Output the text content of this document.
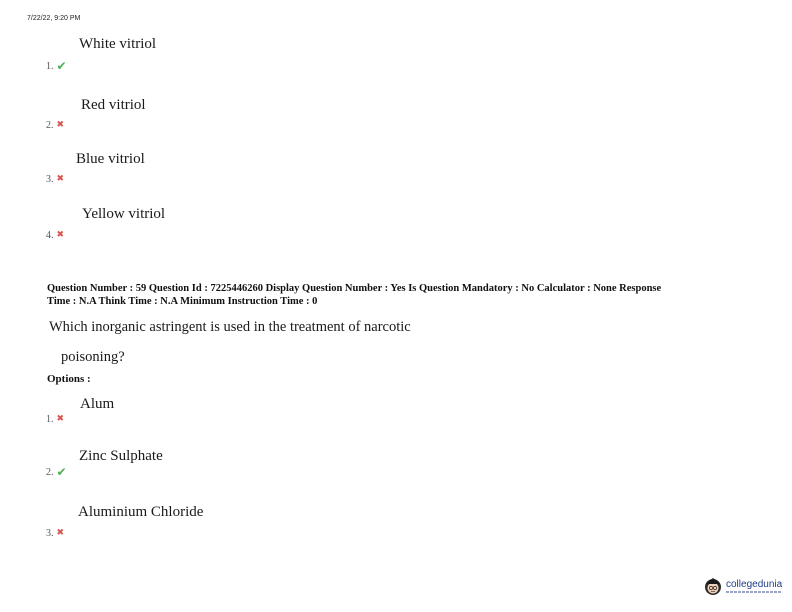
7/22/22, 9:20 PM
White vitriol
1. ✔
Red vitriol
2. ✖
Blue vitriol
3. ✖
Yellow vitriol
4. ✖
Question Number : 59 Question Id : 7225446260 Display Question Number : Yes Is Question Mandatory : No Calculator : None Response
Time : N.A Think Time : N.A Minimum Instruction Time : 0
Which inorganic astringent is used in the treatment of narcotic
poisoning?
Options :
Alum
1. ✖
Zinc Sulphate
2. ✔
Aluminium Chloride
3. ✖
collegedunia
